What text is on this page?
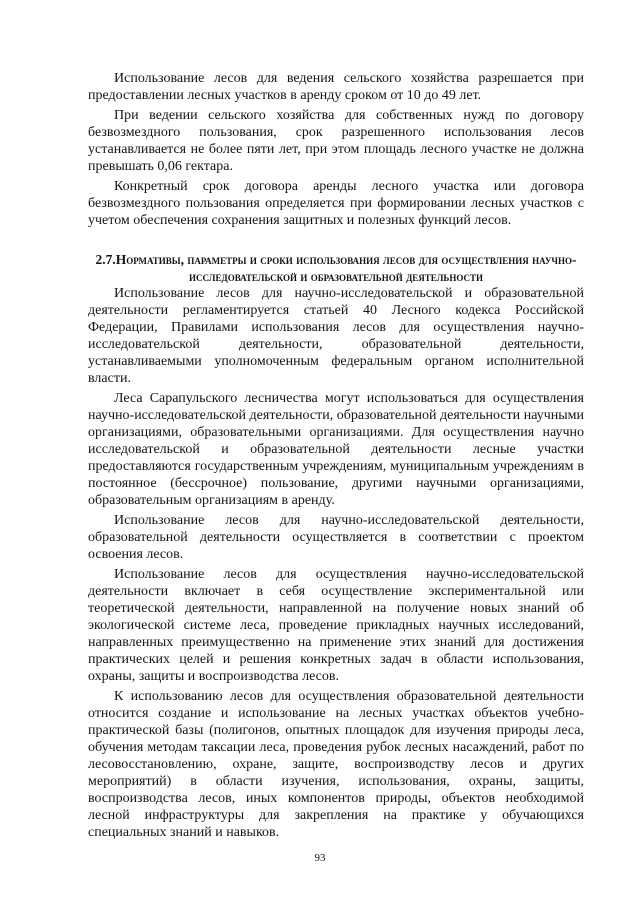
Использование лесов для ведения сельского хозяйства разрешается при предоставлении лесных участков в аренду сроком от 10 до 49 лет.

При ведении сельского хозяйства для собственных нужд по договору безвозмездного пользования, срок разрешенного использования лесов устанавливается не более пяти лет, при этом площадь лесного участке не должна превышать 0,06 гектара.

Конкретный срок договора аренды лесного участка или договора безвозмездного пользования определяется при формировании лесных участков с учетом обеспечения сохранения защитных и полезных функций лесов.

2.7.Нормативы, параметры и сроки использования лесов для осуществления научно-исследовательской и образовательной деятельности

Использование лесов для научно-исследовательской и образовательной деятельности регламентируется статьей 40 Лесного кодекса Российской Федерации, Правилами использования лесов для осуществления научно-исследовательской деятельности, образовательной деятельности, устанавливаемыми уполномоченным федеральным органом исполнительной власти.

Леса Сарапульского лесничества могут использоваться для осуществления научно-исследовательской деятельности, образовательной деятельности научными организациями, образовательными организациями. Для осуществления научно исследовательской и образовательной деятельности лесные участки предоставляются государственным учреждениям, муниципальным учреждениям в постоянное (бессрочное) пользование, другими научными организациями, образовательным организациям в аренду.

Использование лесов для научно-исследовательской деятельности, образовательной деятельности осуществляется в соответствии с проектом освоения лесов.

Использование лесов для осуществления научно-исследовательской деятельности включает в себя осуществление экспериментальной или теоретической деятельности, направленной на получение новых знаний об экологической системе леса, проведение прикладных научных исследований, направленных преимущественно на применение этих знаний для достижения практических целей и решения конкретных задач в области использования, охраны, защиты и воспроизводства лесов.

К использованию лесов для осуществления образовательной деятельности относится создание и использование на лесных участках объектов учебно-практической базы (полигонов, опытных площадок для изучения природы леса, обучения методам таксации леса, проведения рубок лесных насаждений, работ по лесовосстановлению, охране, защите, воспроизводству лесов и других мероприятий) в области изучения, использования, охраны, защиты, воспроизводства лесов, иных компонентов природы, объектов необходимой лесной инфраструктуры для закрепления на практике у обучающихся специальных знаний и навыков.

93
